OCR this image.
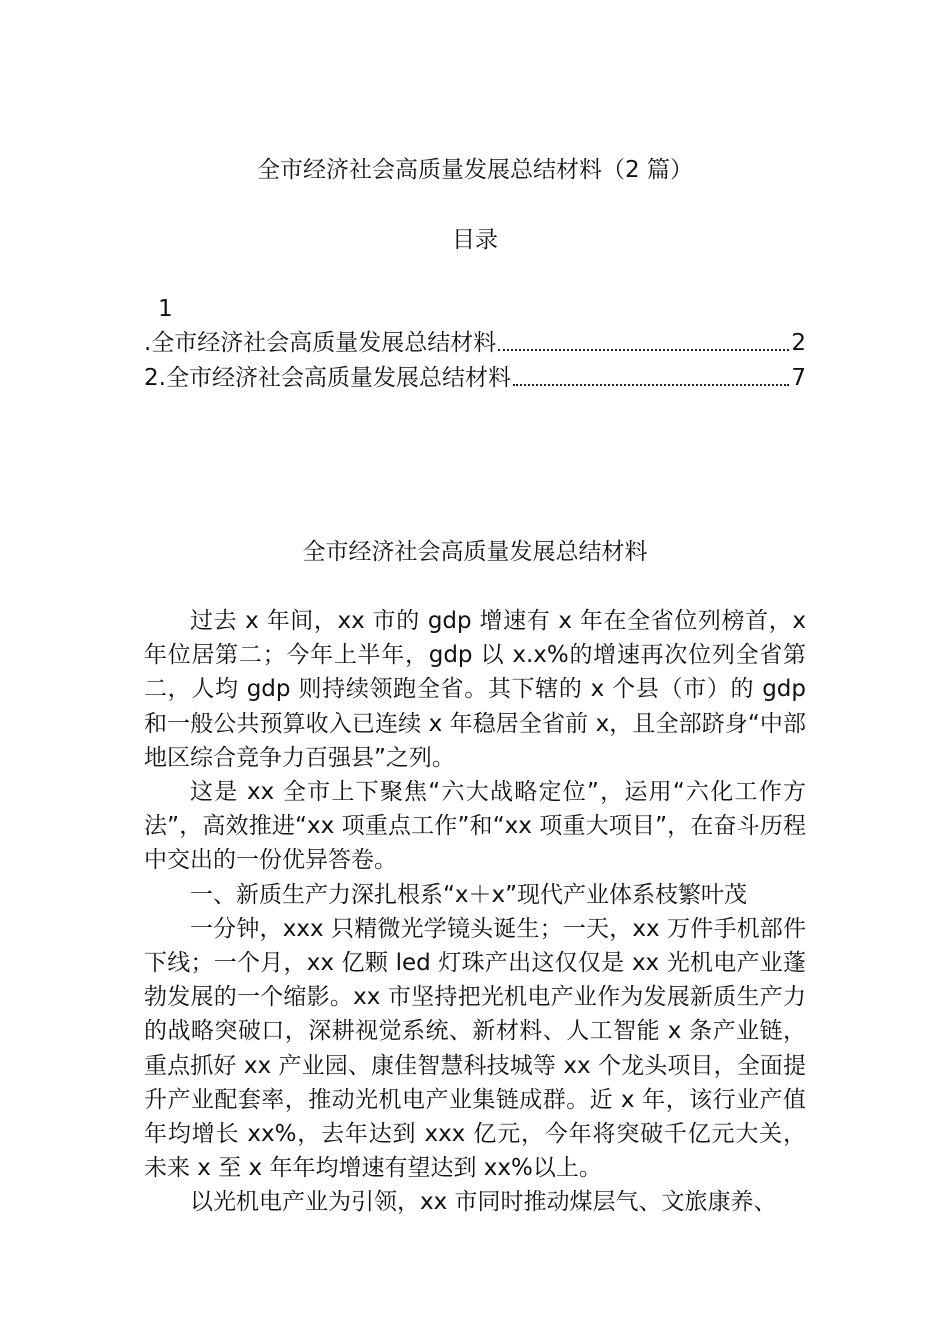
全市经济社会高质量发展总结材料（2 篇）
目录
1
.全市经济社会高质量发展总结材料	2
2.全市经济社会高质量发展总结材料	7
全市经济社会高质量发展总结材料

过去 x 年间，xx 市的 gdp 增速有 x 年在全省位列榜首，x 年位居第二；今年上半年，gdp 以 x.x%的增速再次位列全省第二，人均 gdp 则持续领跑全省。其下辖的 x 个县（市）的 gdp 和一般公共预算收入已连续 x 年稳居全省前 x，且全部跻身“中部地区综合竞争力百强县”之列。

这是 xx 全市上下聚焦“六大战略定位”，运用“六化工作方法”，高效推进“xx 项重点工作”和“xx 项重大项目”，在奋斗历程中交出的一份优异答卷。

一、新质生产力深扎根系“x＋x”现代产业体系枝繁叶茂

一分钟，xxx 只精微光学镜头诞生；一天，xx 万件手机部件下线；一个月，xx 亿颗 led 灯珠产出这仅仅是 xx 光机电产业蓬勃发展的一个缩影。xx 市坚持把光机电产业作为发展新质生产力的战略突破口，深耕视觉系统、新材料、人工智能 x 条产业链，重点抓好 xx 产业园、康佳智慧科技城等 xx 个龙头项目，全面提升产业配套率，推动光机电产业集链成群。近 x 年，该行业产值年均增长 xx%，去年达到 xxx 亿元，今年将突破千亿元大关，未来 x 至 x 年年均增速有望达到 xx%以上。

以光机电产业为引领，xx 市同时推动煤层气、文旅康养、
